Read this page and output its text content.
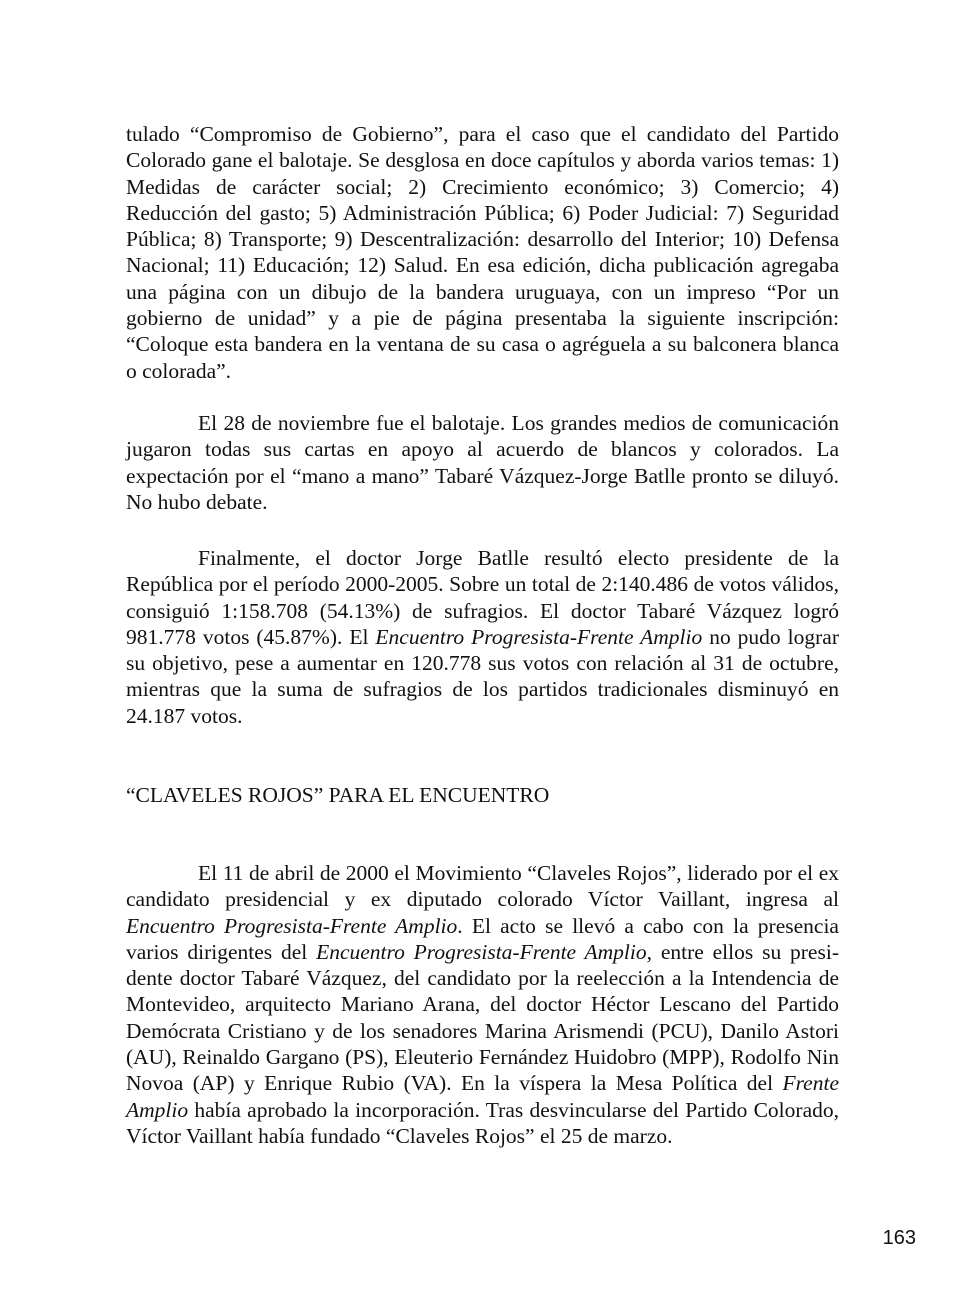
tulado “Compromiso de Gobierno”, para el caso que el candidato del Partido Colorado gane el balotaje. Se desglosa en doce capítulos y aborda varios temas: 1) Medidas de carácter social; 2) Crecimiento económico; 3) Comercio; 4) Reducción del gasto; 5) Administración Pública; 6) Poder Judicial: 7) Seguridad Pública; 8) Transporte; 9) Descentralización: desarrollo del Interior; 10) Defensa Nacional; 11) Educación; 12) Salud. En esa edición, dicha publicación agregaba una página con un dibujo de la bandera uruguaya, con un impreso “Por un gobierno de unidad” y a pie de página presentaba la siguiente inscripción: “Coloque esta bandera en la ventana de su casa o agréguela a su balconera blanca o colorada”.

El 28 de noviembre fue el balotaje. Los grandes medios de comunicación jugaron todas sus cartas en apoyo al acuerdo de blancos y colorados. La expectación por el “mano a mano” Tabaré Vázquez-Jorge Batlle pronto se diluyó. No hubo debate.

Finalmente, el doctor Jorge Batlle resultó electo presidente de la República por el período 2000-2005. Sobre un total de 2:140.486 de votos válidos, consiguió 1:158.708 (54.13%) de sufragios. El doctor Tabaré Vázquez logró 981.778 votos (45.87%). El Encuentro Progresista-Frente Amplio no pudo lograr su objetivo, pese a aumentar en 120.778 sus votos con relación al 31 de octubre, mientras que la suma de sufragios de los partidos tradicionales disminuyó en 24.187 votos.

“CLAVELES ROJOS” PARA EL ENCUENTRO

El 11 de abril de 2000 el Movimiento “Claveles Rojos”, liderado por el ex candidato presidencial y ex diputado colorado Víctor Vaillant, ingresa al Encuentro Progresista-Frente Amplio. El acto se llevó a cabo con la presencia varios dirigentes del Encuentro Progresista-Frente Amplio, entre ellos su presidente doctor Tabaré Vázquez, del candidato por la reelección a la Intendencia de Montevideo, arquitecto Mariano Arana, del doctor Héctor Lescano del Partido Demócrata Cristiano y de los senadores Marina Arismendi (PCU), Danilo Astori (AU), Reinaldo Gargano (PS), Eleuterio Fernández Huidobro (MPP), Rodolfo Nin Novoa (AP) y Enrique Rubio (VA). En la víspera la Mesa Política del Frente Amplio había aprobado la incorporación. Tras desvincularse del Partido Colorado, Víctor Vaillant había fundado “Claveles Rojos” el 25 de marzo.

163
